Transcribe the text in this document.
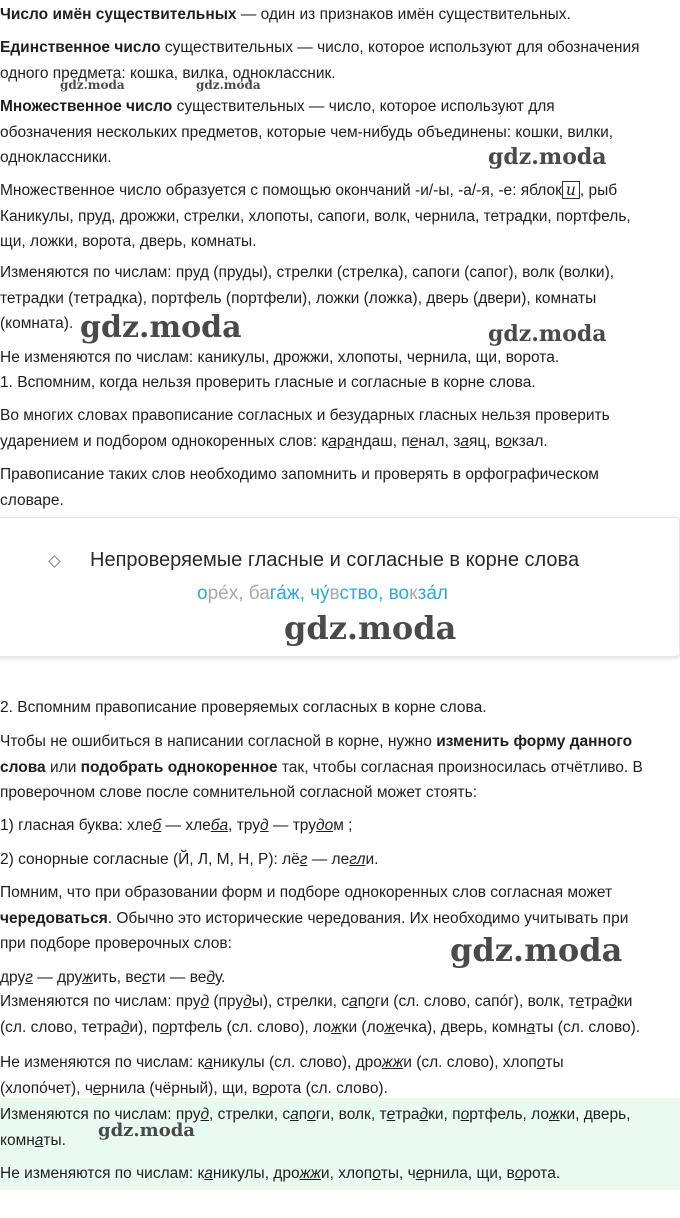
Число имён существительных — один из признаков имён существительных.
Единственное число существительных — число, которое используют для обозначения
одного предмета: кошка, вилка, одноклассник.
Множественное число существительных — число, которое используют для
обозначения нескольких предметов, которые чем-нибудь объединены: кошки, вилки,
одноклассники.
Множественное число образуется с помощью окончаний -и/-ы, -а/-я, -е: яблок и , рыб
Каникулы, пруд, дрожжи, стрелки, хлопоты, сапоги, волк, чернила, тетрадки, портфель,
щи, ложки, ворота, дверь, комнаты.
Изменяются по числам: пруд (пруды), стрелки (стрелка), сапоги (сапог), волк (волки),
тетрадки (тетрадка), портфель (портфели), ложки (ложка), дверь (двери), комнаты
(комната).
Не изменяются по числам: каникулы, дрожжи, хлопоты, чернила, щи, ворота.
1. Вспомним, когда нельзя проверить гласные и согласные в корне слова.
Во многих словах правописание согласных и безударных гласных нельзя проверить
ударением и подбором однокоренных слов: карандаш, пенал, заяц, вокзал.
Правописание таких слов необходимо запомнить и проверять в орфографическом
словаре.
Непроверяемые гласные и согласные в корне слова
оре́х, бага́ж, чу́вство, вокза́л
2. Вспомним правописание проверяемых согласных в корне слова.
Чтобы не ошибиться в написании согласной в корне, нужно изменить форму данного
слова или подобрать однокоренное так, чтобы согласная произносилась отчётливо. В
проверочном слове после сомнительной согласной может стоять:
1) гласная буква: хлеб — хлеба, труд — трудом ;
2) сонорные согласные (Й, Л, М, Н, Р): лёг — легли.
Помним, что при образовании форм и подборе однокоренных слов согласная может
чередоваться. Обычно это исторические чередования. Их необходимо учитывать при
при подборе проверочных слов:
друг — дружить, вести — веду.
Изменяются по числам: пруд (пруды), стрелки, сапоги (сл. слово, сапо́г), волк, тетрадки
(сл. слово, тетради), портфель (сл. слово), ложки (ложечка), дверь, комнаты (сл. слово).
Не изменяются по числам: каникулы (сл. слово), дрожжи (сл. слово), хлопоты
(хлопо́чет), чернила (чёрный), щи, ворота (сл. слово).
Изменяются по числам: пруд, стрелки, сапоги, волк, тетрадки, портфель, ложки, дверь,
комнаты.
Не изменяются по числам: каникулы, дрожжи, хлопоты, чернила, щи, ворота.
gdz.moda	gdz.moda
gdz.moda
gdz.moda	gdz.moda
gdz.moda
gdz.moda
gdz.moda
